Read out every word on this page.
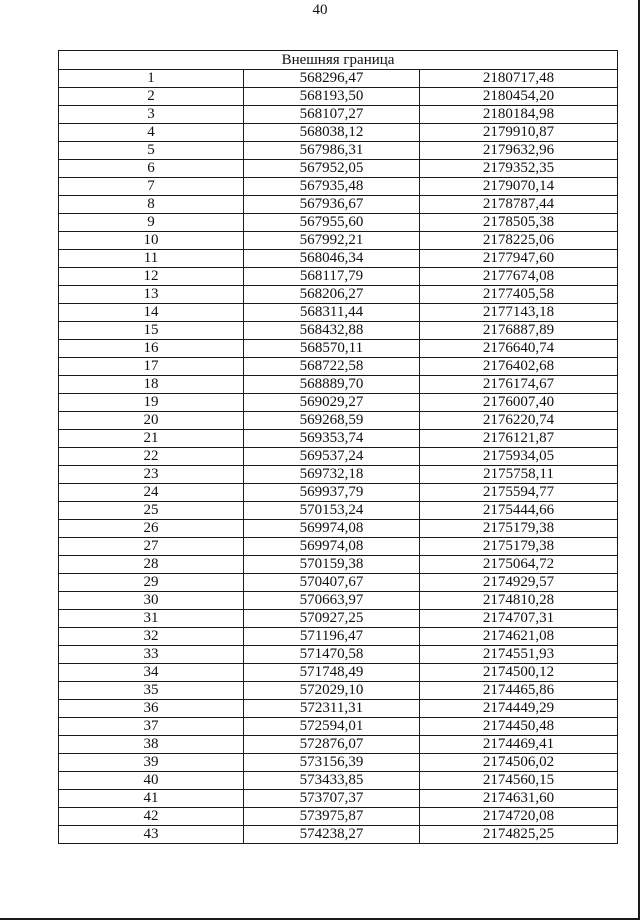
40
Внешняя граница		
1	568296,47	2180717,48
2	568193,50	2180454,20
3	568107,27	2180184,98
4	568038,12	2179910,87
5	567986,31	2179632,96
6	567952,05	2179352,35
7	567935,48	2179070,14
8	567936,67	2178787,44
9	567955,60	2178505,38
10	567992,21	2178225,06
11	568046,34	2177947,60
12	568117,79	2177674,08
13	568206,27	2177405,58
14	568311,44	2177143,18
15	568432,88	2176887,89
16	568570,11	2176640,74
17	568722,58	2176402,68
18	568889,70	2176174,67
19	569029,27	2176007,40
20	569268,59	2176220,74
21	569353,74	2176121,87
22	569537,24	2175934,05
23	569732,18	2175758,11
24	569937,79	2175594,77
25	570153,24	2175444,66
26	569974,08	2175179,38
27	569974,08	2175179,38
28	570159,38	2175064,72
29	570407,67	2174929,57
30	570663,97	2174810,28
31	570927,25	2174707,31
32	571196,47	2174621,08
33	571470,58	2174551,93
34	571748,49	2174500,12
35	572029,10	2174465,86
36	572311,31	2174449,29
37	572594,01	2174450,48
38	572876,07	2174469,41
39	573156,39	2174506,02
40	573433,85	2174560,15
41	573707,37	2174631,60
42	573975,87	2174720,08
43	574238,27	2174825,25
